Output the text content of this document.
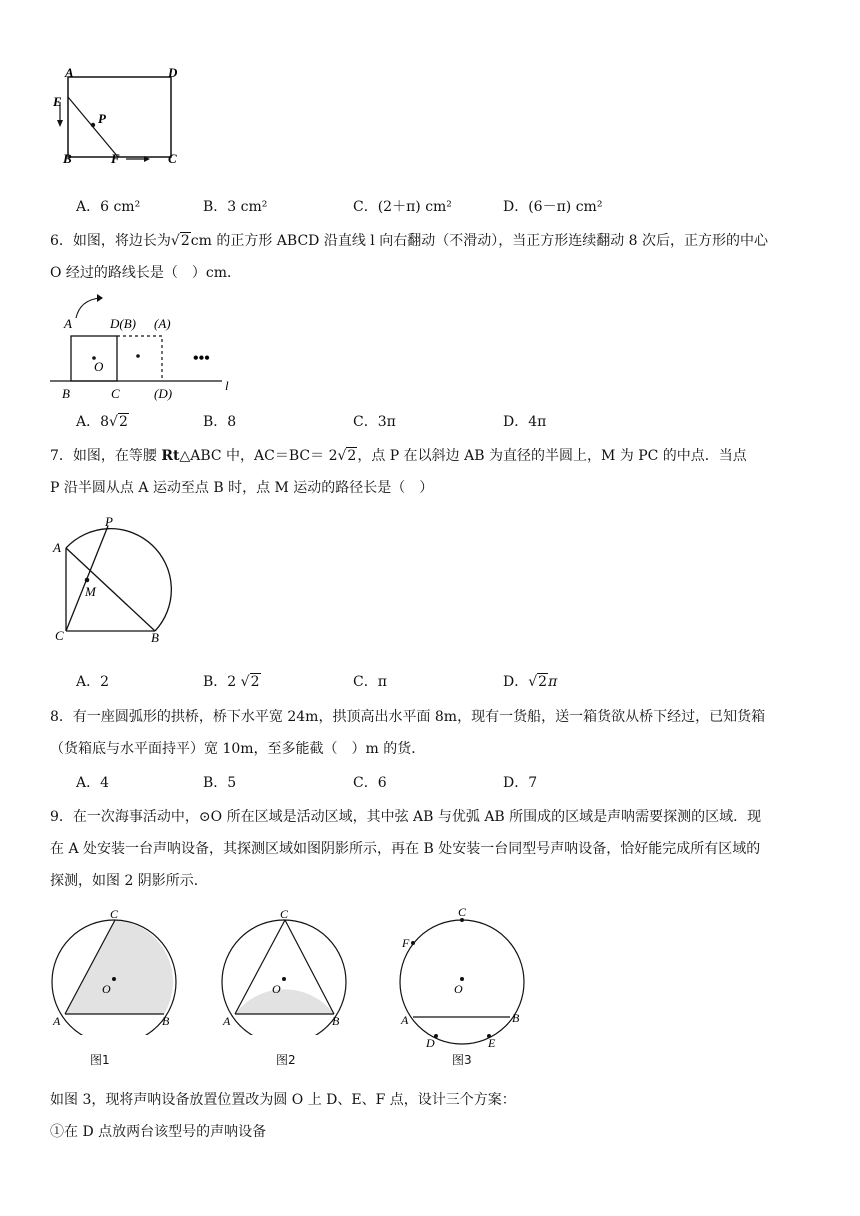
A	D
E
P
B	F	C
A．6 cm²	B．3 cm²	C．(2＋π) cm²	D．(6－π) cm²
6．如图，将边长为√2cm 的正方形 ABCD 沿直线 l 向右翻动（不滑动），当正方形连续翻动 8 次后，正方形的中心
O 经过的路线长是（　）cm．
A	D(B) (A)
O	•••
B	C	(D)
l
A．8√2	B．8	C．3π	D．4π
7．如图，在等腰 Rt△ABC 中，AC＝BC＝ 2√2，点 P 在以斜边 AB 为直径的半圆上，M 为 PC 的中点．当点
P 沿半圆从点 A 运动至点 B 时，点 M 运动的路径长是（　）
P
A
M
C	B
A．2	B．2 √2	C．π	D．√2π
8．有一座圆弧形的拱桥，桥下水平宽 24m，拱顶高出水平面 8m，现有一货船，送一箱货欲从桥下经过，已知货箱
（货箱底与水平面持平）宽 10m，至多能截（　）m 的货．
A．4	B．5	C．6	D．7
9．在一次海事活动中，⊙O 所在区域是活动区域，其中弦 AB 与优弧 AB 所围成的区域是声呐需要探测的区域．现
在 A 处安装一台声呐设备，其探测区域如图阴影所示，再在 B 处安装一台同型号声呐设备，恰好能完成所有区域的
探测，如图 2 阴影所示．
C
O
A	B
图1
C
O
A	B
图2
C
F
O
A	B
D	E
图3
如图 3，现将声呐设备放置位置改为圆 O 上 D、E、F 点，设计三个方案：
①在 D 点放两台该型号的声呐设备
